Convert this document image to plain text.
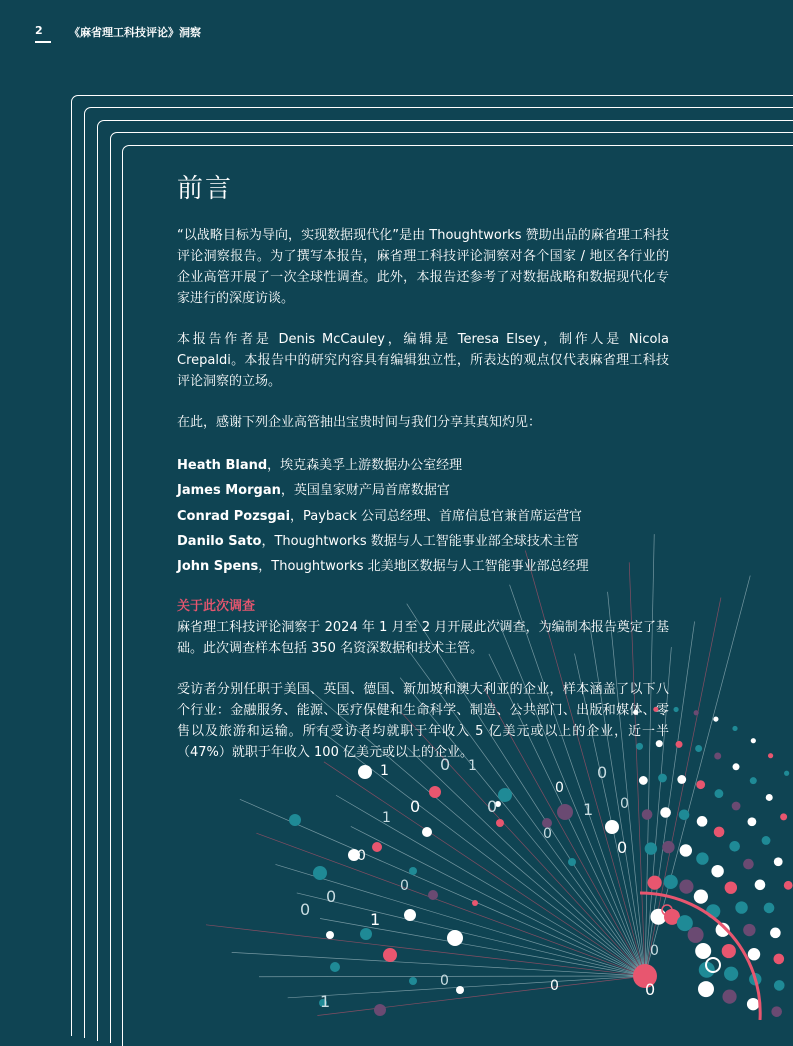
2 《麻省理工科技评论》洞察
1	0 1
0
1
0
0
0
0
0
0
1
0
0
0
1
0
1
0
0
0
0
前言

“以战略目标为导向，实现数据现代化”是由 Thoughtworks 赞助出品的麻省理工科技评论洞察报告。为了撰写本报告，麻省理工科技评论洞察对各个国家 / 地区各行业的企业高管开展了一次全球性调查。此外，本报告还参考了对数据战略和数据现代化专家进行的深度访谈。

本报告作者是 Denis McCauley，编辑是 Teresa Elsey，制作人是 Nicola Crepaldi。本报告中的研究内容具有编辑独立性，所表达的观点仅代表麻省理工科技评论洞察的立场。

在此，感谢下列企业高管抽出宝贵时间与我们分享其真知灼见：

Heath Bland，埃克森美孚上游数据办公室经理
James Morgan，英国皇家财产局首席数据官
Conrad Pozsgai，Payback 公司总经理、首席信息官兼首席运营官
Danilo Sato，Thoughtworks 数据与人工智能事业部全球技术主管
John Spens，Thoughtworks 北美地区数据与人工智能事业部总经理
关于此次调查

麻省理工科技评论洞察于 2024 年 1 月至 2 月开展此次调查，为编制本报告奠定了基础。此次调查样本包括 350 名资深数据和技术主管。

受访者分别任职于美国、英国、德国、新加坡和澳大利亚的企业，样本涵盖了以下八个行业：金融服务、能源、医疗保健和生命科学、制造、公共部门、出版和媒体、零售以及旅游和运输。所有受访者均就职于年收入 5 亿美元或以上的企业，近一半（47%）就职于年收入 100 亿美元或以上的企业。
